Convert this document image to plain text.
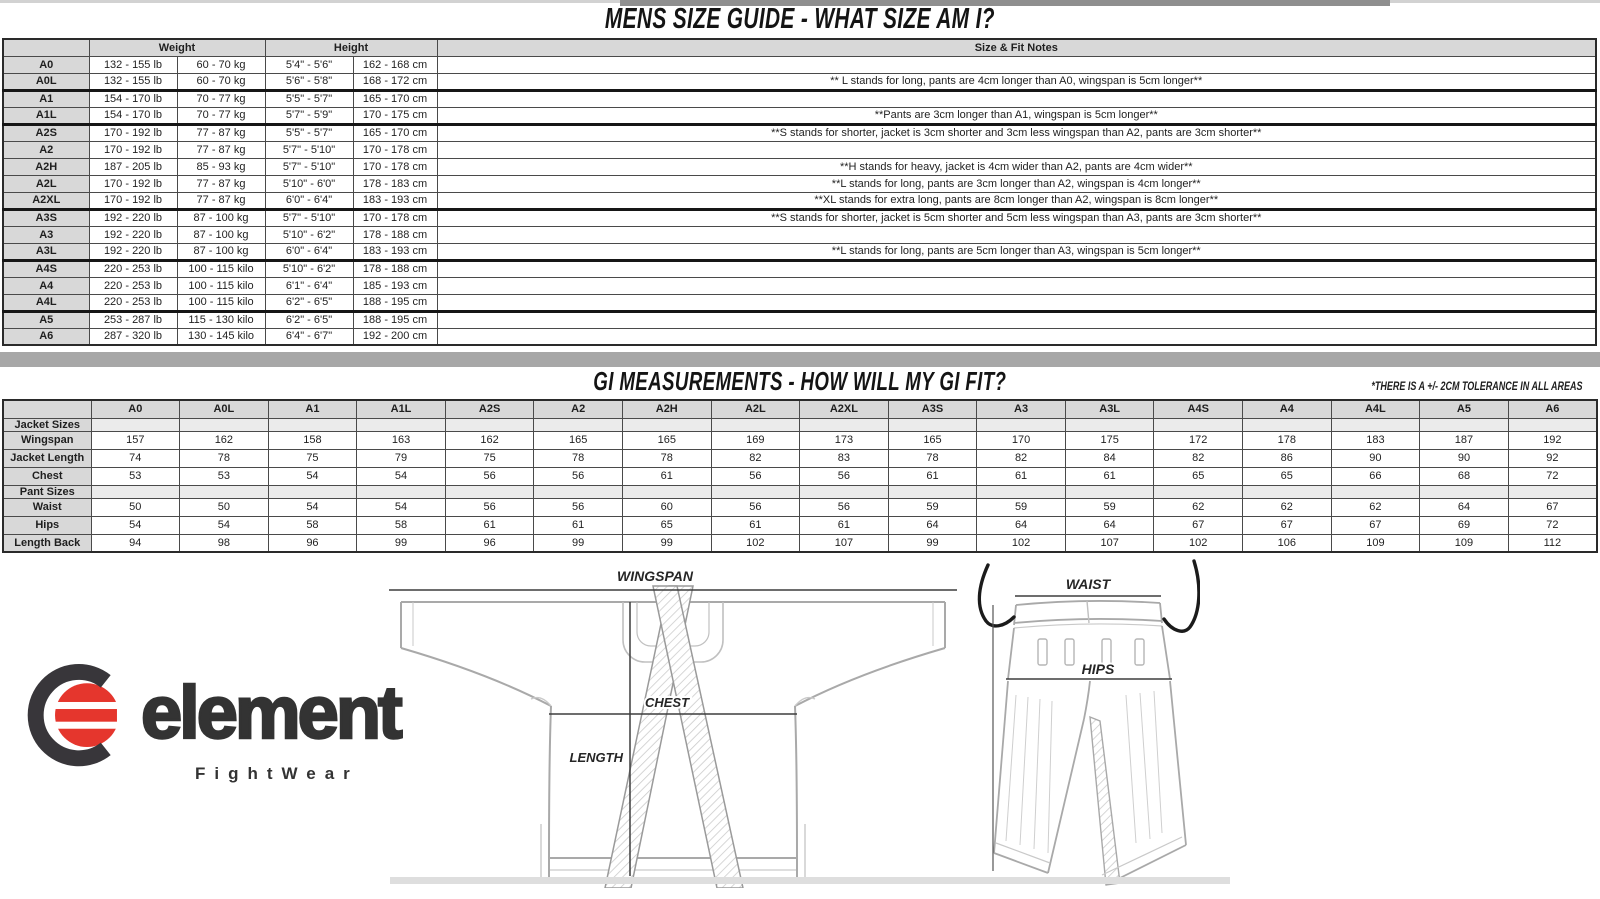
MENS SIZE GUIDE - WHAT SIZE AM I?
	Weight		Height		Size & Fit Notes
A0	132 - 155 lb	60 - 70 kg	5'4" - 5'6"	162 - 168 cm	
A0L	132 - 155 lb	60 - 70 kg	5'6" - 5'8"	168 - 172 cm	** L stands for long, pants are 4cm longer than A0, wingspan is 5cm longer**
A1	154 - 170 lb	70 - 77 kg	5'5" - 5'7"	165 - 170 cm	
A1L	154 - 170 lb	70 - 77 kg	5'7" - 5'9"	170 - 175 cm	**Pants are 3cm longer than A1, wingspan is 5cm longer**
A2S	170 - 192 lb	77 - 87 kg	5'5" - 5'7"	165 - 170 cm	**S stands for shorter, jacket is 3cm shorter and 3cm less wingspan than A2, pants are 3cm shorter**
A2	170 - 192 lb	77 - 87 kg	5'7" - 5'10"	170 - 178 cm	
A2H	187 - 205 lb	85 - 93 kg	5'7" - 5'10"	170 - 178 cm	**H stands for heavy, jacket is 4cm wider than A2, pants are 4cm wider**
A2L	170 - 192 lb	77 - 87 kg	5'10" - 6'0"	178 - 183 cm	**L stands for long, pants are 3cm longer than A2, wingspan is 4cm longer**
A2XL	170 - 192 lb	77 - 87 kg	6'0" - 6'4"	183 - 193 cm	**XL stands for extra long, pants are 8cm longer than A2, wingspan is 8cm longer**
A3S	192 - 220 lb	87 - 100 kg	5'7" - 5'10"	170 - 178 cm	**S stands for shorter, jacket is 5cm shorter and 5cm less wingspan than A3, pants are 3cm shorter**
A3	192 - 220 lb	87 - 100 kg	5'10" - 6'2"	178 - 188 cm	
A3L	192 - 220 lb	87 - 100 kg	6'0" - 6'4"	183 - 193 cm	**L stands for long, pants are 5cm longer than A3, wingspan is 5cm longer**
A4S	220 - 253 lb	100 - 115 kilo	5'10" - 6'2"	178 - 188 cm	
A4	220 - 253 lb	100 - 115 kilo	6'1" - 6'4"	185 - 193 cm	
A4L	220 - 253 lb	100 - 115 kilo	6'2" - 6'5"	188 - 195 cm	
A5	253 - 287 lb	115 - 130 kilo	6'2" - 6'5"	188 - 195 cm	
A6	287 - 320 lb	130 - 145 kilo	6'4" - 6'7"	192 - 200 cm	
GI MEASUREMENTS - HOW WILL MY GI FIT?	*THERE IS A +/- 2CM TOLERANCE IN ALL AREAS
	A0	A0L	A1	A1L	A2S	A2	A2H	A2L	A2XL	A3S	A3	A3L	A4S	A4	A4L	A5	A6
Jacket Sizes																	
Wingspan	157	162	158	163	162	165	165	169	173	165	170	175	172	178	183	187	192
Jacket Length	74	78	75	79	75	78	78	82	83	78	82	84	82	86	90	90	92
Chest	53	53	54	54	56	56	61	56	56	61	61	61	65	65	66	68	72
Pant Sizes																	
Waist	50	50	54	54	56	56	60	56	56	59	59	59	62	62	62	64	67
Hips	54	54	58	58	61	61	65	61	61	64	64	64	67	67	67	69	72
Length Back	94	98	96	99	96	99	99	102	107	99	102	107	102	106	109	109	112
WINGSPAN
CHEST
LENGTH
WAIST
HIPS
element
FightWear
